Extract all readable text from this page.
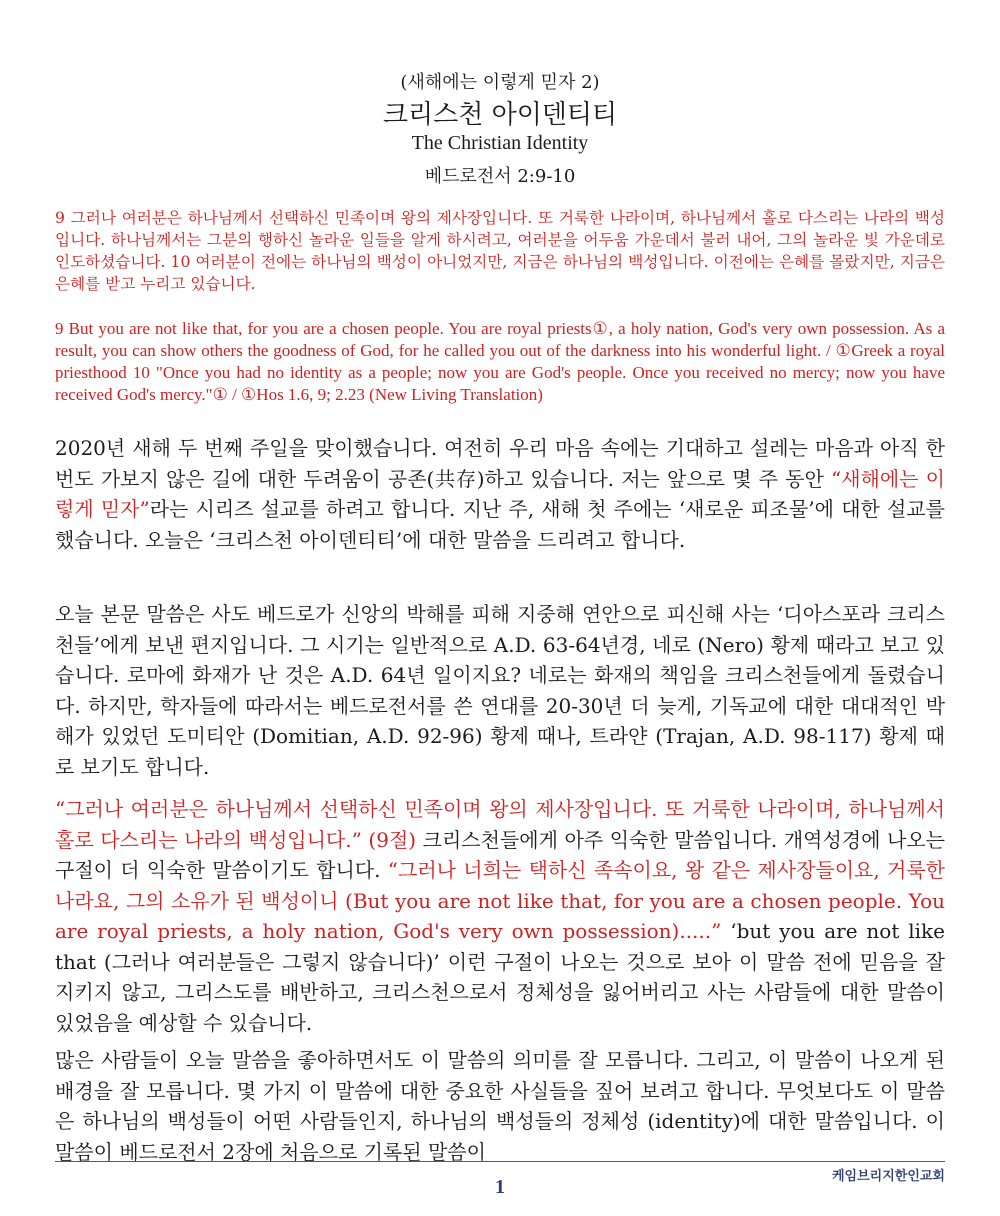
(새해에는 이렇게 믿자 2)
크리스천 아이덴티티
The Christian Identity
베드로전서 2:9-10
9 그러나 여러분은 하나님께서 선택하신 민족이며 왕의 제사장입니다. 또 거룩한 나라이며, 하나님께서 홀로 다스리는 나라의 백성입니다. 하나님께서는 그분의 행하신 놀라운 일들을 알게 하시려고, 여러분을 어두움 가운데서 불러 내어, 그의 놀라운 빛 가운데로 인도하셨습니다. 10 여러분이 전에는 하나님의 백성이 아니었지만, 지금은 하나님의 백성입니다. 이전에는 은혜를 몰랐지만, 지금은 은혜를 받고 누리고 있습니다.
9 But you are not like that, for you are a chosen people. You are royal priests①, a holy nation, God's very own possession. As a result, you can show others the goodness of God, for he called you out of the darkness into his wonderful light. / ①Greek a royal priesthood 10 "Once you had no identity as a people; now you are God's people. Once you received no mercy; now you have received God's mercy."① / ①Hos 1.6, 9; 2.23 (New Living Translation)
2020년 새해 두 번째 주일을 맞이했습니다. 여전히 우리 마음 속에는 기대하고 설레는 마음과 아직 한번도 가보지 않은 길에 대한 두려움이 공존(共存)하고 있습니다. 저는 앞으로 몇 주 동안 “새해에는 이렇게 믿자”라는 시리즈 설교를 하려고 합니다. 지난 주, 새해 첫 주에는 ‘새로운 피조물’에 대한 설교를 했습니다. 오늘은 ‘크리스천 아이덴티티’에 대한 말씀을 드리려고 합니다.
오늘 본문 말씀은 사도 베드로가 신앙의 박해를 피해 지중해 연안으로 피신해 사는 ‘디아스포라 크리스천들’에게 보낸 편지입니다. 그 시기는 일반적으로 A.D. 63-64년경, 네로 (Nero) 황제 때라고 보고 있습니다. 로마에 화재가 난 것은 A.D. 64년 일이지요? 네로는 화재의 책임을 크리스천들에게 돌렸습니다. 하지만, 학자들에 따라서는 베드로전서를 쓴 연대를 20-30년 더 늦게, 기독교에 대한 대대적인 박해가 있었던 도미티안 (Domitian, A.D. 92-96) 황제 때나, 트라얀 (Trajan, A.D. 98-117) 황제 때로 보기도 합니다.
“그러나 여러분은 하나님께서 선택하신 민족이며 왕의 제사장입니다. 또 거룩한 나라이며, 하나님께서 홀로 다스리는 나라의 백성입니다.” (9절) 크리스천들에게 아주 익숙한 말씀입니다. 개역성경에 나오는 구절이 더 익숙한 말씀이기도 합니다. “그러나 너희는 택하신 족속이요, 왕 같은 제사장들이요, 거룩한 나라요, 그의 소유가 된 백성이니 (But you are not like that, for you are a chosen people. You are royal priests, a holy nation, God's very own possession).....” ‘but you are not like that (그러나 여러분들은 그렇지 않습니다)’ 이런 구절이 나오는 것으로 보아 이 말씀 전에 믿음을 잘 지키지 않고, 그리스도를 배반하고, 크리스천으로서 정체성을 잃어버리고 사는 사람들에 대한 말씀이 있었음을 예상할 수 있습니다.
많은 사람들이 오늘 말씀을 좋아하면서도 이 말씀의 의미를 잘 모릅니다. 그리고, 이 말씀이 나오게 된 배경을 잘 모릅니다. 몇 가지 이 말씀에 대한 중요한 사실들을 짚어 보려고 합니다. 무엇보다도 이 말씀은 하나님의 백성들이 어떤 사람들인지, 하나님의 백성들의 정체성 (identity)에 대한 말씀입니다. 이 말씀이 베드로전서 2장에 처음으로 기록된 말씀이
케임브리지한인교회
1
